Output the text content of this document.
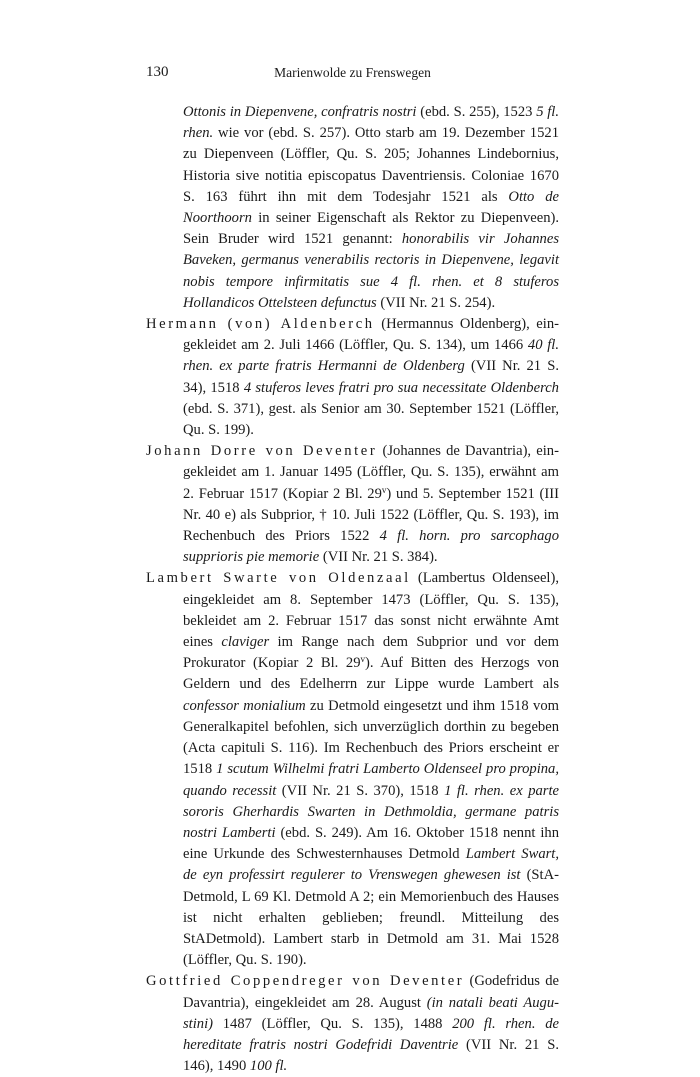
130	Marienwolde zu Frenswegen

Ottonis in Diepenvene, confratris nostri (ebd. S. 255), 1523 5 fl. rhen. wie vor (ebd. S. 257). Otto starb am 19. Dezember 1521 zu Diepenveen (Löffler, Qu. S. 205; Johannes Lindebornius, Historia sive notitia episcopatus Daventriensis. Coloniae 1670 S. 163 führt ihn mit dem Todesjahr 1521 als Otto de Noorthoorn in seiner Eigenschaft als Rektor zu Diepenveen). Sein Bruder wird 1521 genannt: honorabilis vir Johannes Baveken, germanus venerabilis rectoris in Diepenvene, legavit nobis tempore infirmitatis sue 4 fl. rhen. et 8 stuferos Hollandicos Ottelsteen defunctus (VII Nr. 21 S. 254).

Hermann (von) Aldenberch (Hermannus Oldenberg), eingekleidet am 2. Juli 1466 (Löffler, Qu. S. 134), um 1466 40 fl. rhen. ex parte fratris Hermanni de Oldenberg (VII Nr. 21 S. 34), 1518 4 stuferos leves fratri pro sua necessitate Oldenberch (ebd. S. 371), gest. als Senior am 30. September 1521 (Löffler, Qu. S. 199).

Johann Dorre von Deventer (Johannes de Davantria), eingekleidet am 1. Januar 1495 (Löffler, Qu. S. 135), erwähnt am 2. Februar 1517 (Kopiar 2 Bl. 29$^v$) und 5. September 1521 (III Nr. 40 e) als Subprior, † 10. Juli 1522 (Löffler, Qu. S. 193), im Rechenbuch des Priors 1522 4 fl. horn. pro sarcophago supprioris pie memorie (VII Nr. 21 S. 384).

Lambert Swarte von Oldenzaal (Lambertus Oldenseel), eingekleidet am 8. September 1473 (Löffler, Qu. S. 135), bekleidet am 2. Februar 1517 das sonst nicht erwähnte Amt eines claviger im Range nach dem Subprior und vor dem Prokurator (Kopiar 2 Bl. 29$^v$). Auf Bitten des Herzogs von Geldern und des Edelherrn zur Lippe wurde Lambert als confessor monialium zu Detmold eingesetzt und ihm 1518 vom Generalkapitel befohlen, sich unverzüglich dorthin zu begeben (Acta capituli S. 116). Im Rechenbuch des Priors erscheint er 1518 1 scutum Wilhelmi fratri Lamberto Oldenseel pro propina, quando recessit (VII Nr. 21 S. 370), 1518 1 fl. rhen. ex parte sororis Gherhardis Swarten in Dethmoldia, germane patris nostri Lamberti (ebd. S. 249). Am 16. Oktober 1518 nennt ihn eine Urkunde des Schwesternhauses Detmold Lambert Swart, de eyn professirt regulerer to Vrenswegen ghewesen ist (StA-Detmold, L 69 Kl. Detmold A 2; ein Memorienbuch des Hauses ist nicht erhalten geblieben; freundl. Mitteilung des StADetmold). Lambert starb in Detmold am 31. Mai 1528 (Löffler, Qu. S. 190).

Gottfried Coppendreger von Deventer (Godefridus de Davantria), eingekleidet am 28. August (in natali beati Augustini) 1487 (Löffler, Qu. S. 135), 1488 200 fl. rhen. de hereditate fratris nostri Godefridi Daventrie (VII Nr. 21 S. 146), 1490 100 fl.
